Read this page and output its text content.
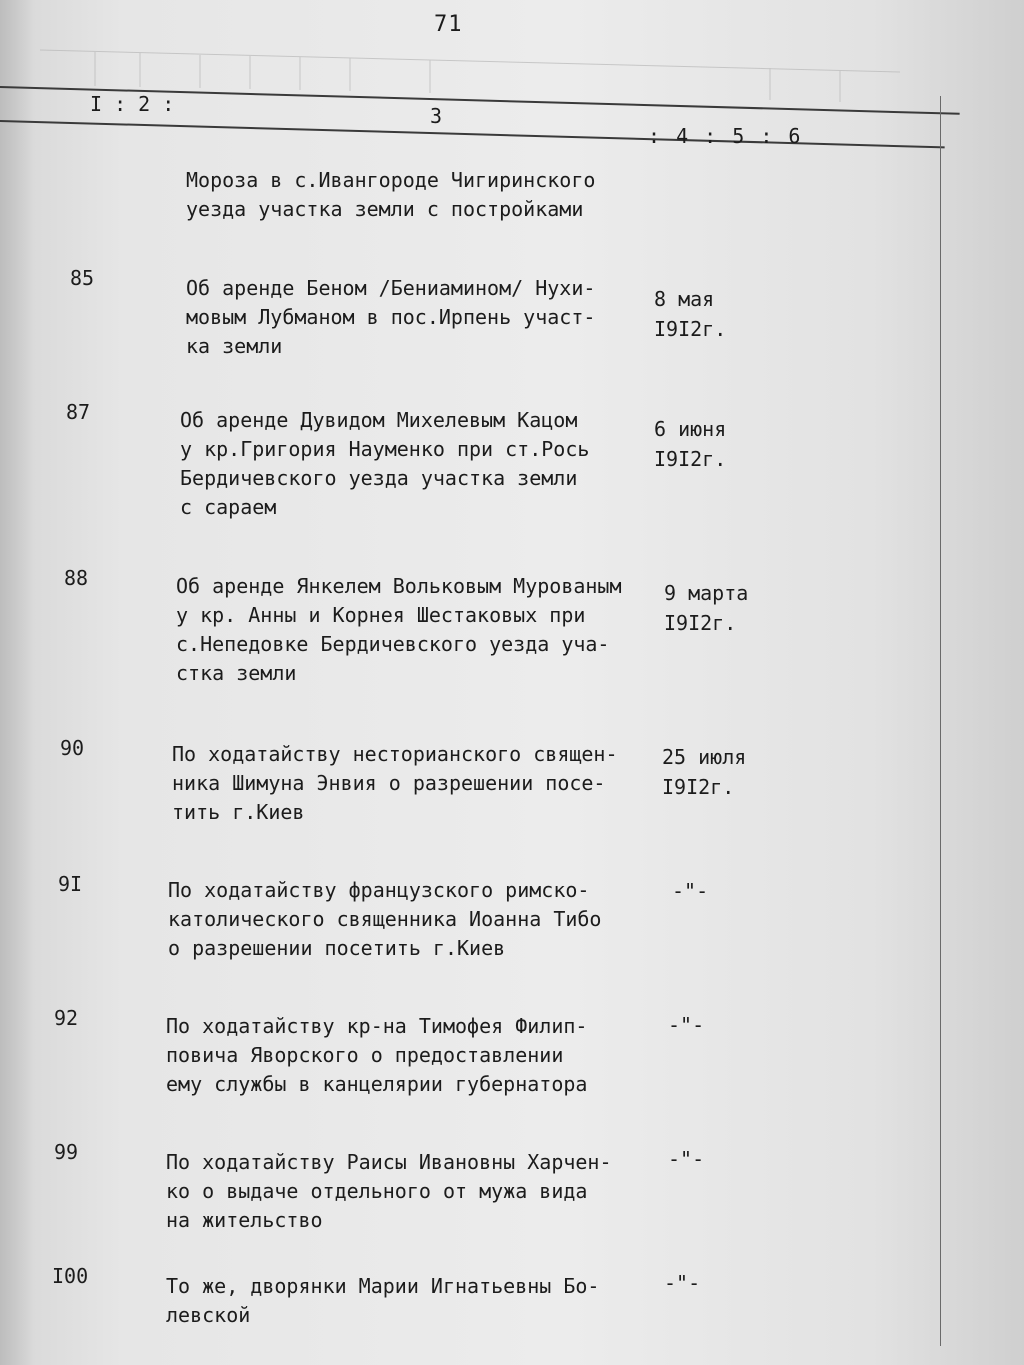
71
I : 2 :	3
: 4 : 5 : 6
Мороза в с.Ивангороде Чигиринского
уезда участка земли с постройками
85	Об аренде Беном /Бениамином/ Нухи-
мовым Лубманом в пос.Ирпень участ-
ка земли
8 мая
I9I2г.
87	Об аренде Дувидом Михелевым Кацом
у кр.Григория Науменко при ст.Рось
Бердичевского уезда участка земли
с сараем
6 июня
I9I2г.
88	Об аренде Янкелем Вольковым Мурованым
у кр. Анны и Корнея Шестаковых при
с.Непедовке Бердичевского уезда уча-
стка земли
9 марта
I9I2г.
90	По ходатайству несторианского священ-
ника Шимуна Энвия о разрешении посе-
тить г.Киев
25 июля
I9I2г.
9I	По ходатайству французского римско-
католического священника Иоанна Тибо
о разрешении посетить г.Киев
-"-
92	По ходатайству кр-на Тимофея Филип-
повича Яворского о предоставлении
ему службы в канцелярии губернатора
-"-
99	По ходатайству Раисы Ивановны Харчен-
ко о выдаче отдельного от мужа вида
на жительство
-"-
I00	То же, дворянки Марии Игнатьевны Бо-
левской
-"-
